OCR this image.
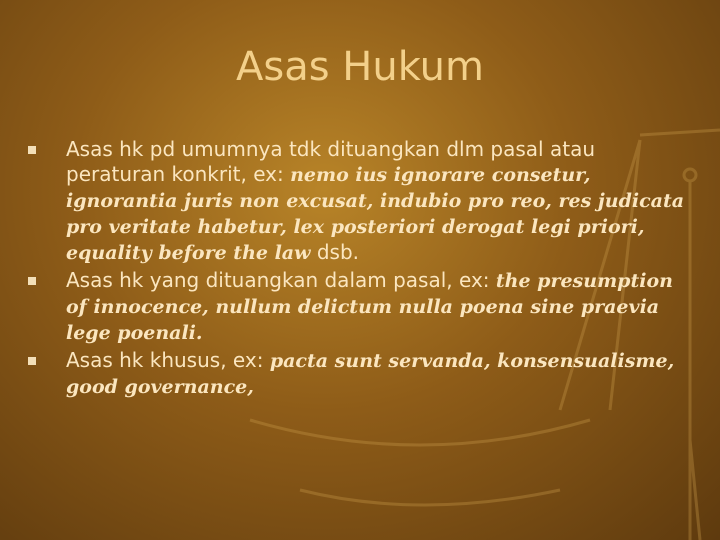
Asas Hukum
Asas hk pd umumnya tdk dituangkan dlm pasal atau peraturan konkrit, ex: nemo ius ignorare consetur, ignorantia juris non excusat, indubio pro reo, res judicata pro veritate habetur, lex posteriori derogat legi priori, equality before the law dsb.
Asas hk yang dituangkan dalam pasal, ex: the presumption of innocence, nullum delictum nulla poena sine praevia lege poenali.
Asas hk khusus, ex: pacta sunt servanda, konsensualisme, good governance,
